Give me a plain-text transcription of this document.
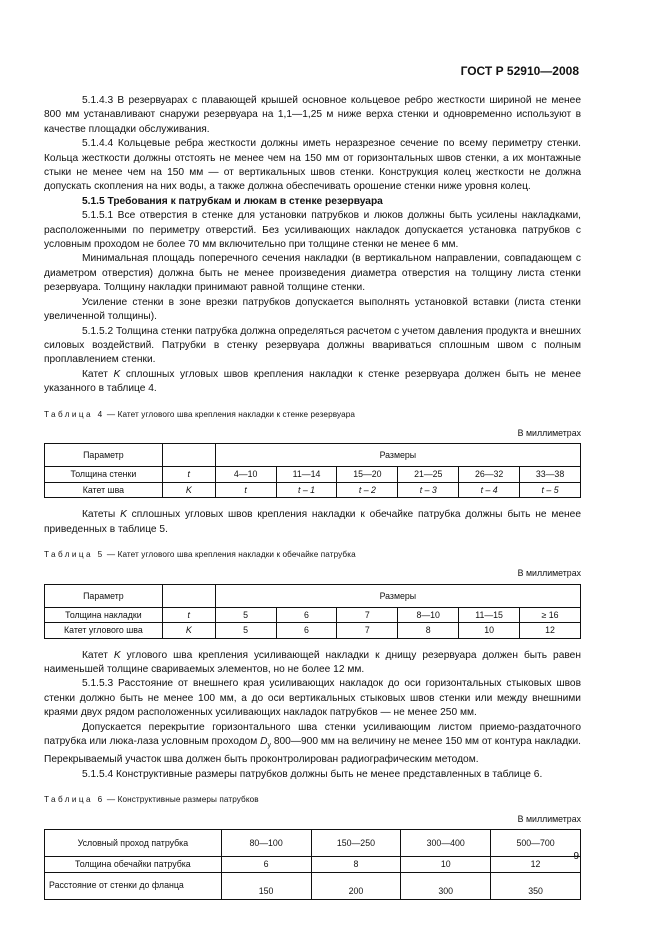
ГОСТ Р 52910—2008

5.1.4.3 В резервуарах с плавающей крышей основное кольцевое ребро жесткости шириной не менее 800 мм устанавливают снаружи резервуара на 1,1—1,25 м ниже верха стенки и одновременно используют в качестве площадки обслуживания.

5.1.4.4 Кольцевые ребра жесткости должны иметь неразрезное сечение по всему периметру стенки. Кольца жесткости должны отстоять не менее чем на 150 мм от горизонтальных швов стенки, а их монтажные стыки не менее чем на 150 мм — от вертикальных швов стенки. Конструкция колец жесткости не должна допускать скопления на них воды, а также должна обеспечивать орошение стенки ниже уровня колец.

5.1.5 Требования к патрубкам и люкам в стенке резервуара

5.1.5.1 Все отверстия в стенке для установки патрубков и люков должны быть усилены накладками, расположенными по периметру отверстий. Без усиливающих накладок допускается установка патрубков с условным проходом не более 70 мм включительно при толщине стенки не менее 6 мм.

Минимальная площадь поперечного сечения накладки (в вертикальном направлении, совпадающем с диаметром отверстия) должна быть не менее произведения диаметра отверстия на толщину листа стенки резервуара. Толщину накладки принимают равной толщине стенки.

Усиление стенки в зоне врезки патрубков допускается выполнять установкой вставки (листа стенки увеличенной толщины).

5.1.5.2 Толщина стенки патрубка должна определяться расчетом с учетом давления продукта и внешних силовых воздействий. Патрубки в стенку резервуара должны ввариваться сплошным швом с полным проплавлением стенки.

Катет K сплошных угловых швов крепления накладки к стенке резервуара должен быть не менее указанного в таблице 4.

Таблица 4 — Катет углового шва крепления накладки к стенке резервуара
В миллиметрах
Параметр		Размеры					
Толщина стенки	t	4—10	11—14	15—20	21—25	26—32	33—38
Катет шва	K	t	t – 1	t – 2	t – 3	t – 4	t – 5

Катеты K сплошных угловых швов крепления накладки к обечайке патрубка должны быть не менее приведенных в таблице 5.

Таблица 5 — Катет углового шва крепления накладки к обечайке патрубка
В миллиметрах
Параметр		Размеры					
Толщина накладки	t	5	6	7	8—10	11—15	≥ 16
Катет углового шва	K	5	6	7	8	10	12

Катет K углового шва крепления усиливающей накладки к днищу резервуара должен быть равен наименьшей толщине свариваемых элементов, но не более 12 мм.

5.1.5.3 Расстояние от внешнего края усиливающих накладок до оси горизонтальных стыковых швов стенки должно быть не менее 100 мм, а до оси вертикальных стыковых швов стенки или между внешними краями двух рядом расположенных усиливающих накладок патрубков — не менее 250 мм.

Допускается перекрытие горизонтального шва стенки усиливающим листом приемо-раздаточного патрубка или люка-лаза условным проходом $D_у$ 800—900 мм на величину не менее 150 мм от контура накладки. Перекрываемый участок шва должен быть проконтролирован радиографическим методом.

5.1.5.4 Конструктивные размеры патрубков должны быть не менее представленных в таблице 6.

Таблица 6 — Конструктивные размеры патрубков
В миллиметрах
Условный проход патрубка	80—100	150—250	300—400	500—700
Толщина обечайки патрубка	6	8	10	12
Расстояние от стенки до фланца	150	200	300	350
9
